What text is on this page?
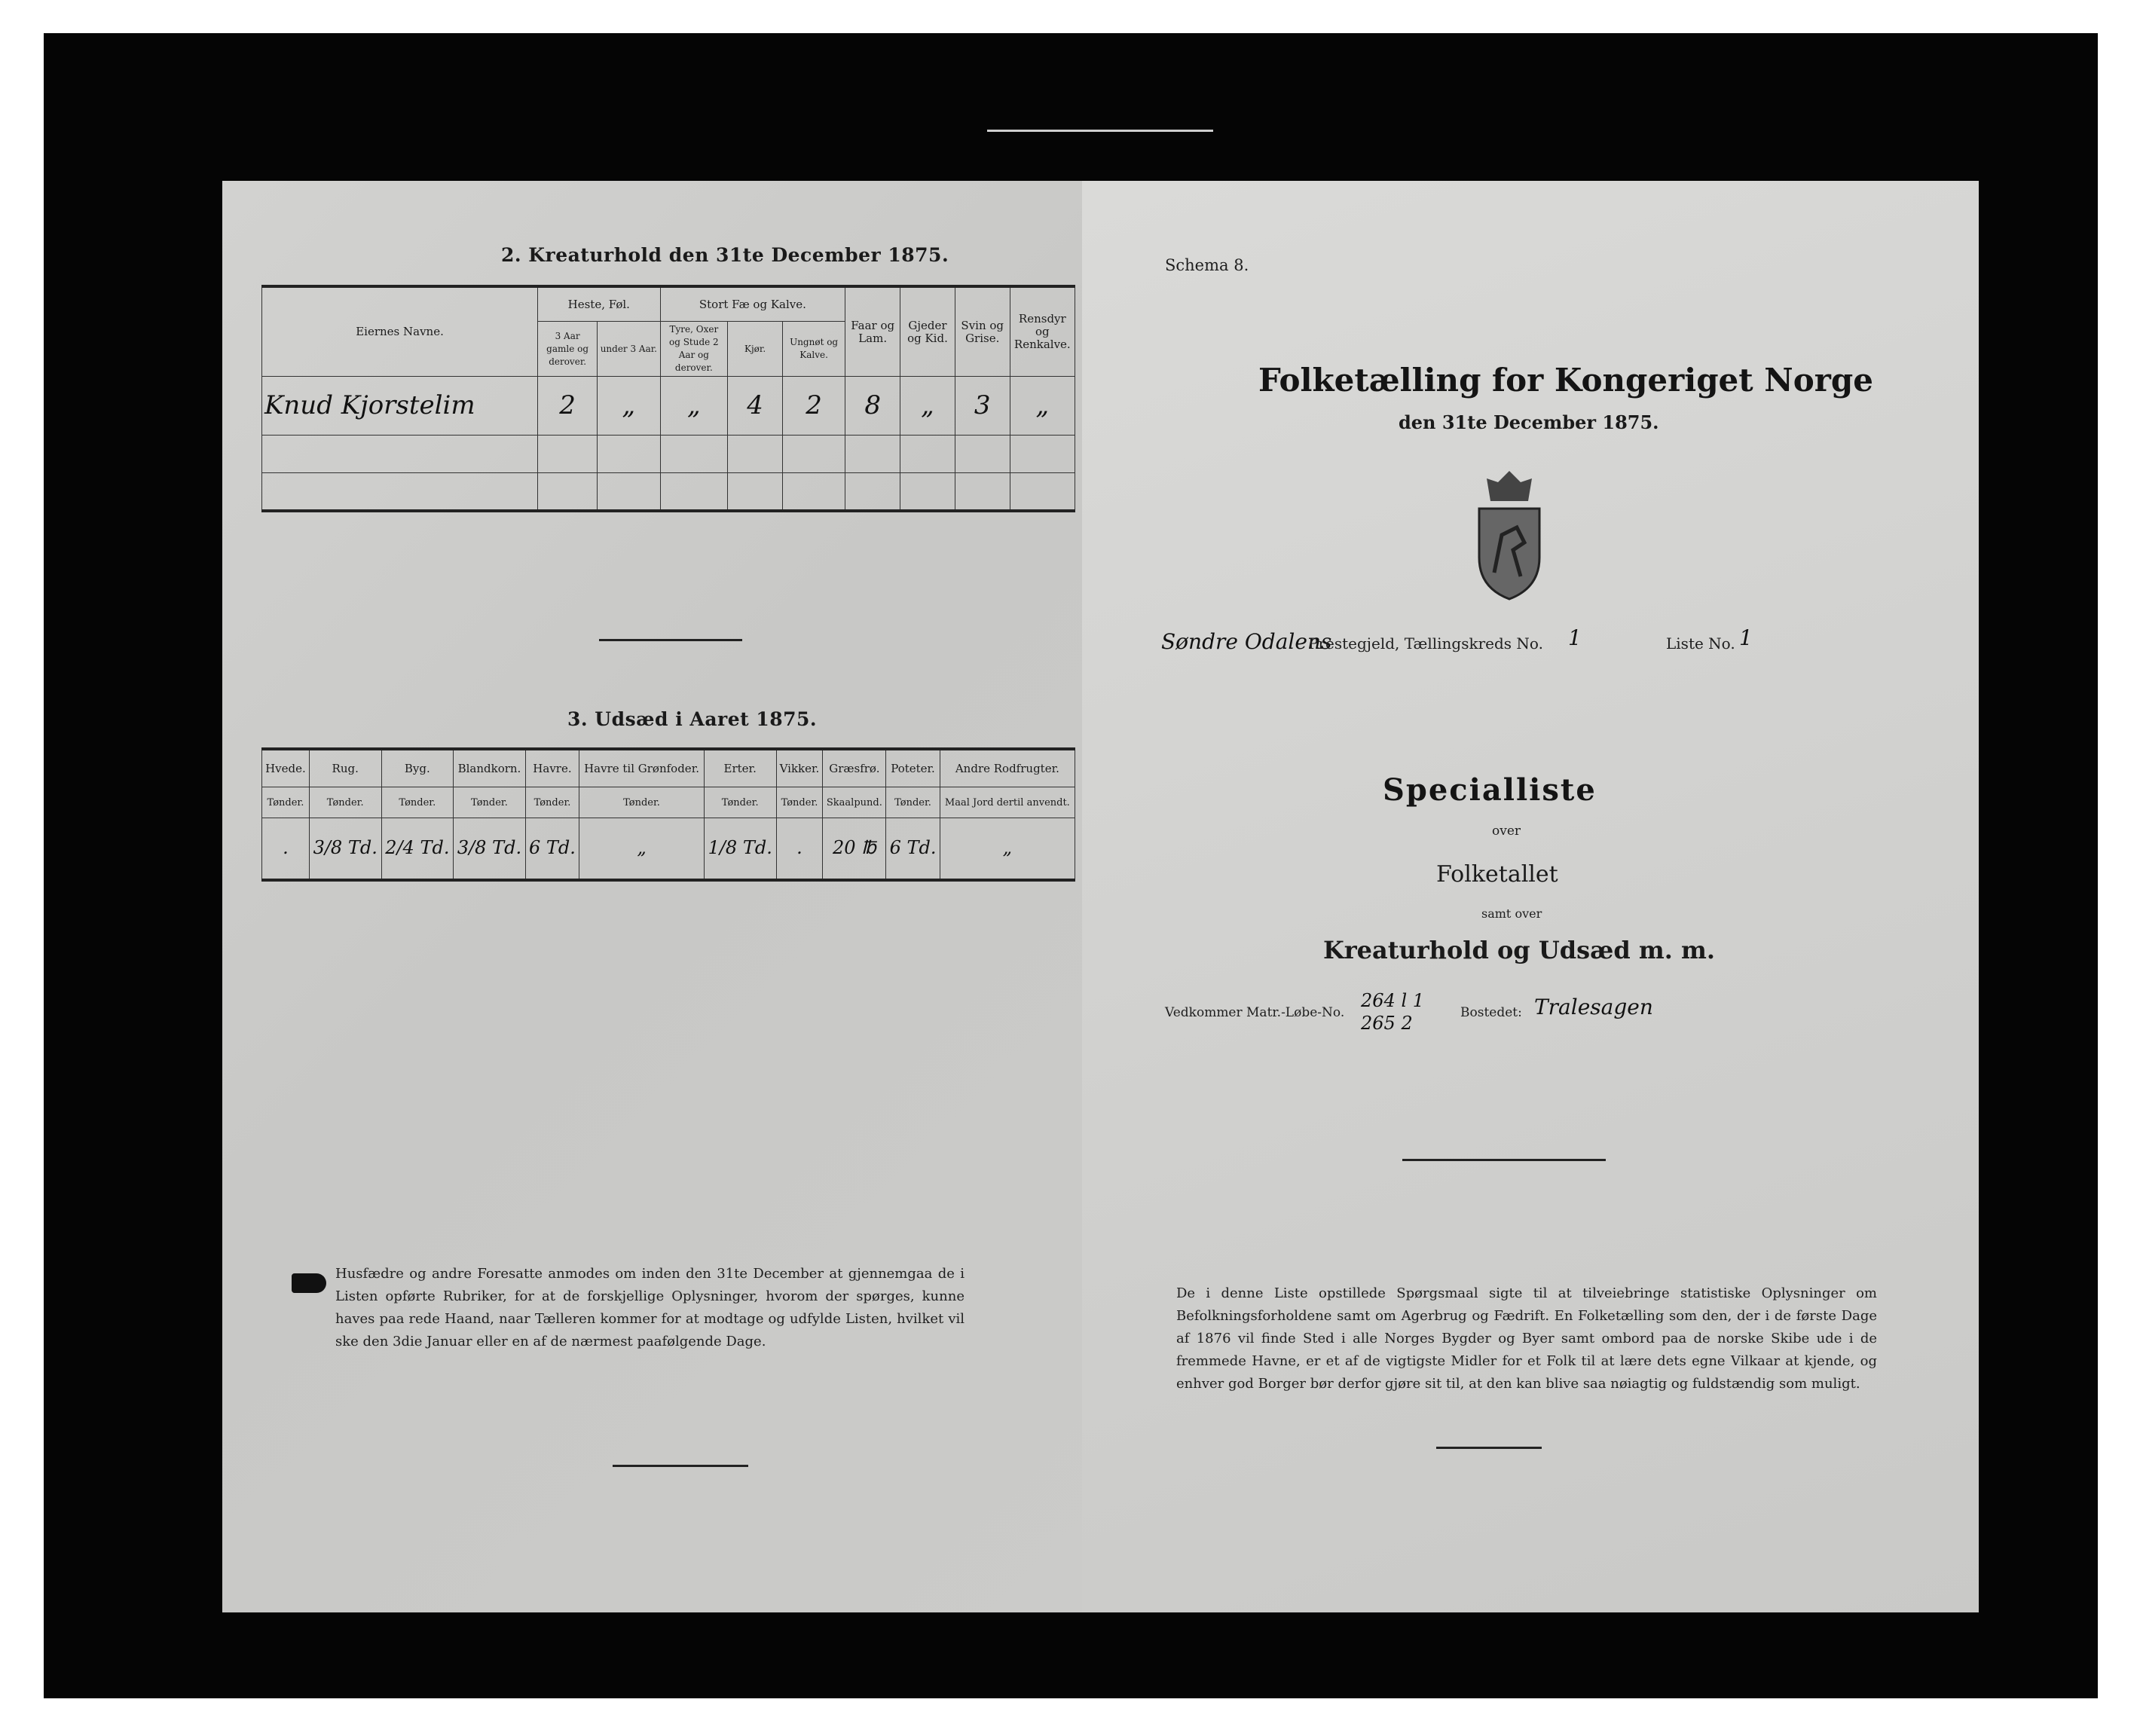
2. Kreaturhold den 31te December 1875.
Eiernes Navne.	Heste, Føl.		Stort Fæ og Kalve.			Faar og Lam.	Gjeder og Kid.	Svin og Grise.	Rensdyr og Renkalve.
	3 Aar gamle og derover.	under 3 Aar.	Tyre, Oxer og Stude 2 Aar og derover.	Kjør.	Ungnøt og Kalve.				
Knud Kjorstelim	2	„	„	4	2	8	„	3	„

3. Udsæd i Aaret 1875.
Hvede.	Rug.	Byg.	Blandkorn.	Havre.	Havre til Grønfoder.	Erter.	Vikker.	Græsfrø.	Poteter.	Andre Rodfrugter.
Tønder.	Tønder.	Tønder.	Tønder.	Tønder.	Tønder.	Tønder.	Tønder.	Skaalpund.	Tønder.	Maal Jord dertil anvendt.
.	3/8 Td.	2/4 Td.	3/8 Td.	6 Td.	„	1/8 Td.	.	20 ℔	6 Td.	„
Husfædre og andre Foresatte anmodes om inden den 31te December at gjennemgaa de i Listen opførte Rubriker, for at de forskjellige Oplysninger, hvorom der spørges, kunne haves paa rede Haand, naar Tælleren kommer for at modtage og udfylde Listen, hvilket vil ske den 3die Januar eller en af de nærmest paafølgende Dage.
Schema 8.
Folketælling for Kongeriget Norge
den 31te December 1875.
Søndre Odalens
Prestegjeld, Tællingskreds No. 1	Liste No. 1
Specialliste
over
Folketallet
samt over
Kreaturhold og Udsæd m. m.
Vedkommer Matr.-Løbe-No.
264 l 1
265 2	Bostedet: Tralesagen
De i denne Liste opstillede Spørgsmaal sigte til at tilveiebringe statistiske Oplysninger om Befolkningsforholdene samt om Agerbrug og Fædrift. En Folketælling som den, der i de første Dage af 1876 vil finde Sted i alle Norges Bygder og Byer samt ombord paa de norske Skibe ude i de fremmede Havne, er et af de vigtigste Midler for et Folk til at lære dets egne Vilkaar at kjende, og enhver god Borger bør derfor gjøre sit til, at den kan blive saa nøiagtig og fuldstændig som muligt.
